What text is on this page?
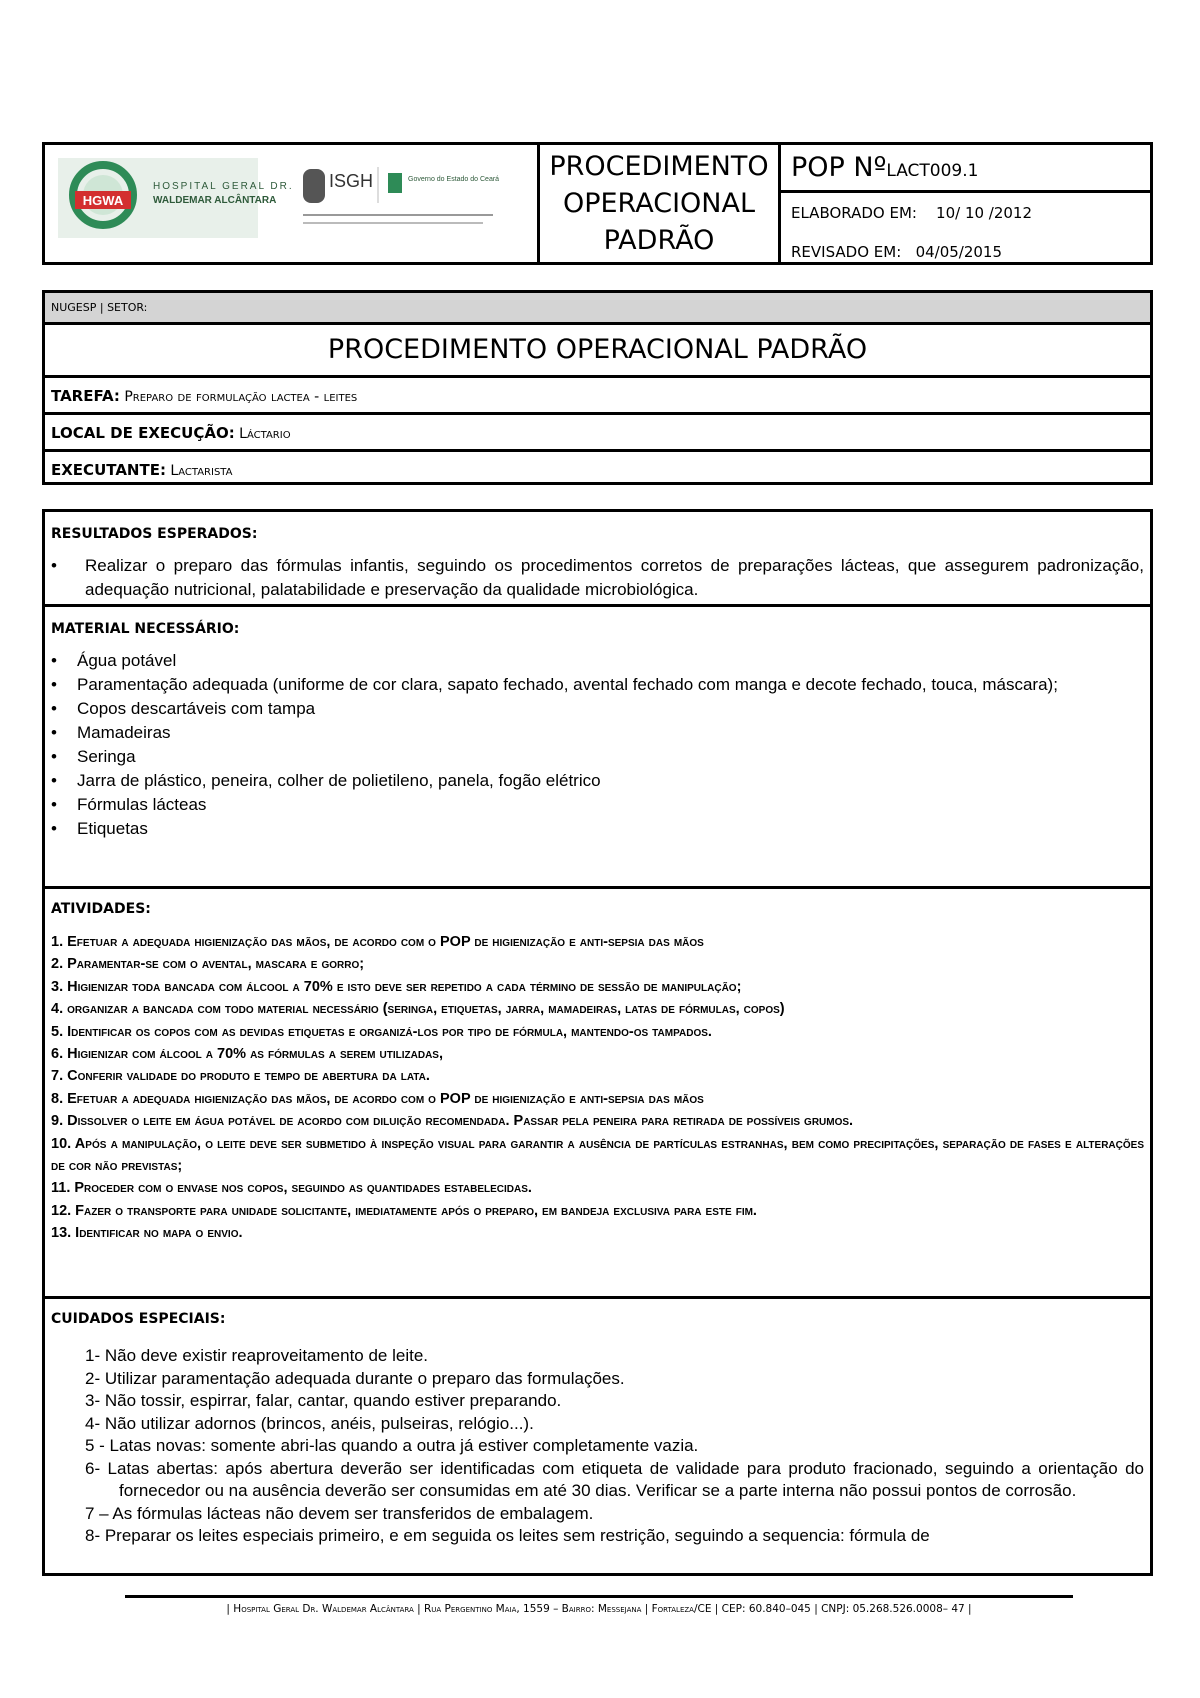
HGWA
HOSPITAL GERAL DR.
WALDEMAR ALCÂNTARA
ISGH	Governo do Estado do Ceará PROCEDIMENTO
OPERACIONAL
PADRÃO
POP NºLACT009.1
ELABORADO EM: 10/ 10 /2012
REVISADO EM: 04/05/2015
NUGESP | SETOR:
PROCEDIMENTO OPERACIONAL PADRÃO
TAREFA: Preparo de formulação lactea - leites
LOCAL DE EXECUÇÃO: Láctario
EXECUTANTE: Lactarista
RESULTADOS ESPERADOS:
• Realizar o preparo das fórmulas infantis, seguindo os procedimentos corretos de preparações lácteas, que assegurem padronização, adequação nutricional, palatabilidade e preservação da qualidade microbiológica.
MATERIAL NECESSÁRIO:
• Água potável
• Paramentação adequada (uniforme de cor clara, sapato fechado, avental fechado com manga e decote fechado, touca, máscara);
• Copos descartáveis com tampa
• Mamadeiras
• Seringa
• Jarra de plástico, peneira, colher de polietileno, panela, fogão elétrico
• Fórmulas lácteas
• Etiquetas
ATIVIDADES:
1. Efetuar a adequada higienização das mãos, de acordo com o POP de higienização e anti-sepsia das mãos
2. Paramentar-se com o avental, mascara e gorro;
3. Higienizar toda bancada com álcool a 70% e isto deve ser repetido a cada término de sessão de manipulação;
4. organizar a bancada com todo material necessário (seringa, etiquetas, jarra, mamadeiras, latas de fórmulas, copos)
5. Identificar os copos com as devidas etiquetas e organizá-los por tipo de fórmula, mantendo-os tampados.
6. Higienizar com álcool a 70% as fórmulas a serem utilizadas,
7. Conferir validade do produto e tempo de abertura da lata.
8. Efetuar a adequada higienização das mãos, de acordo com o POP de higienização e anti-sepsia das mãos
9. Dissolver o leite em água potável de acordo com diluição recomendada. Passar pela peneira para retirada de possíveis grumos.
10. Após a manipulação, o leite deve ser submetido à inspeção visual para garantir a ausência de partículas estranhas, bem como precipitações, separação de fases e alterações de cor não previstas;
11. Proceder com o envase nos copos, seguindo as quantidades estabelecidas.
12. Fazer o transporte para unidade solicitante, imediatamente após o preparo, em bandeja exclusiva para este fim.
13. Identificar no mapa o envio.
CUIDADOS ESPECIAIS:

1- Não deve existir reaproveitamento de leite.

2- Utilizar paramentação adequada durante o preparo das formulações.

3- Não tossir, espirrar, falar, cantar, quando estiver preparando.

4- Não utilizar adornos (brincos, anéis, pulseiras, relógio...).

5 - Latas novas: somente abri-las quando a outra já estiver completamente vazia.

6- Latas abertas: após abertura deverão ser identificadas com etiqueta de validade para produto fracionado, seguindo a orientação do fornecedor ou na ausência deverão ser consumidas em até 30 dias. Verificar se a parte interna não possui pontos de corrosão.

7 – As fórmulas lácteas não devem ser transferidos de embalagem.

8- Preparar os leites especiais primeiro, e em seguida os leites sem restrição, seguindo a sequencia: fórmula de

| Hospital Geral Dr. Waldemar Alcântara | Rua Pergentino Maia, 1559 – Bairro: Messejana | Fortaleza/CE | CEP: 60.840–045 | CNPJ: 05.268.526.0008– 47 |
